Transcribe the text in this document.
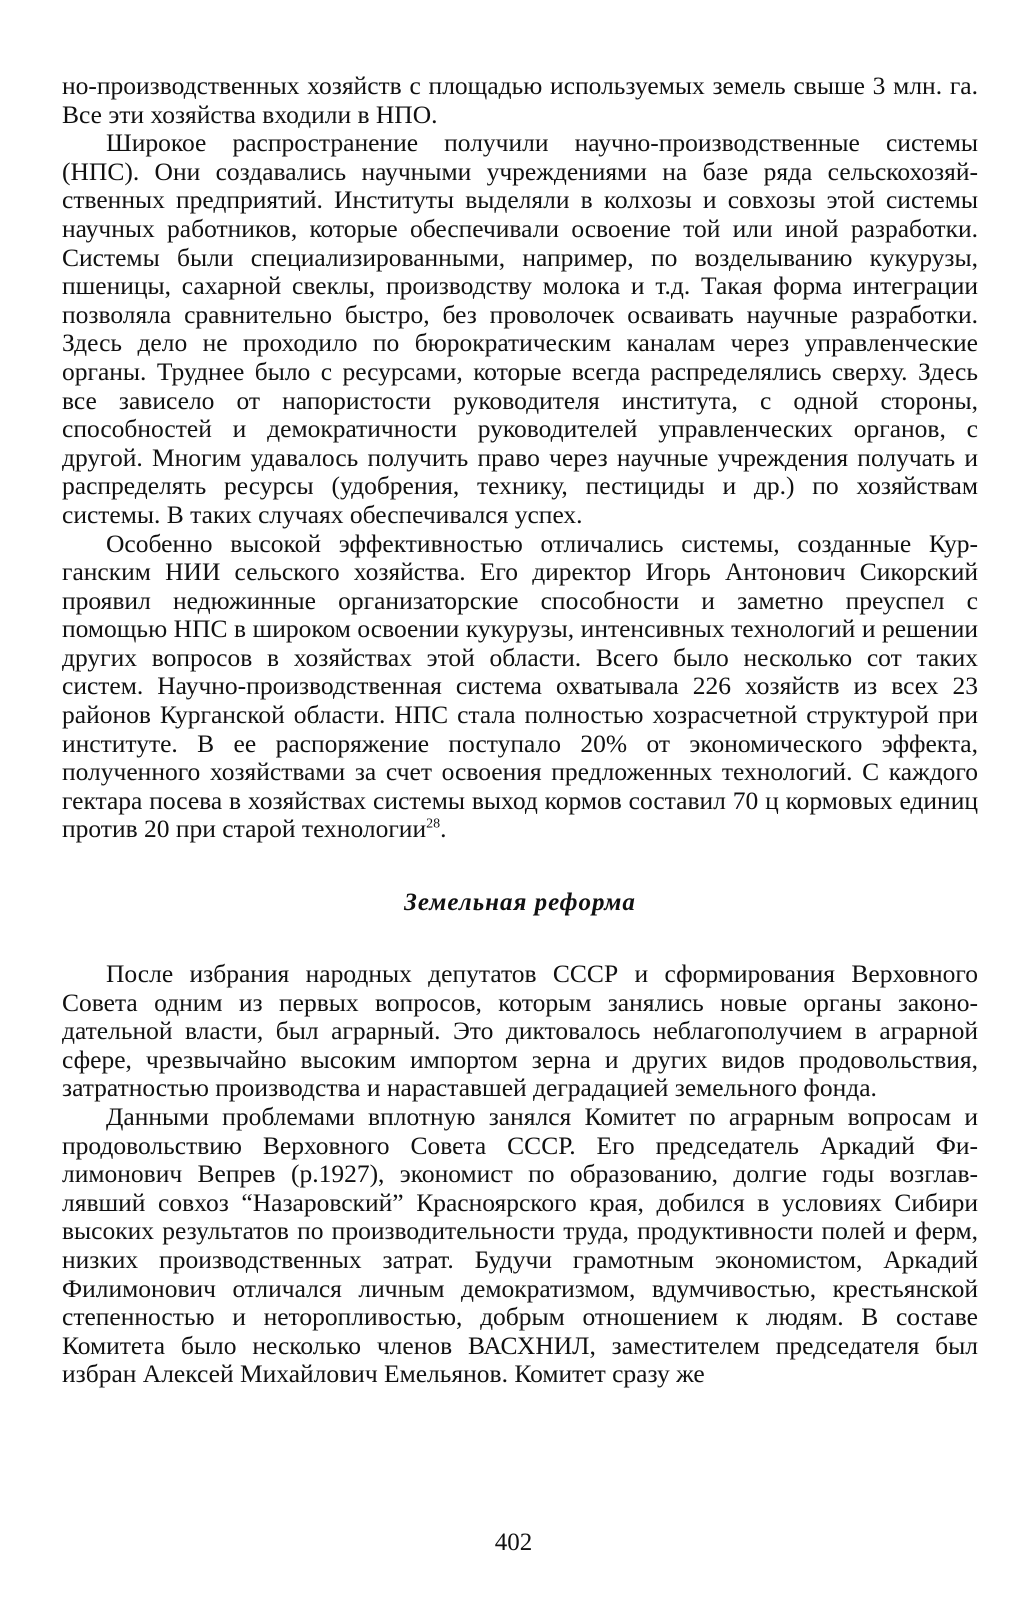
но-производственных хозяйств с площадью используемых земель свыше 3 млн. га. Все эти хозяйства входили в НПО.

Широкое распространение получили научно-производственные системы (НПС). Они создавались научными учреждениями на базе ряда сельскохозяйственных предприятий. Институты выделяли в колхозы и совхозы этой системы научных работников, которые обеспечивали освоение той или иной разработки. Системы были специализированными, например, по возделыванию кукурузы, пшеницы, сахарной свеклы, производству молока и т.д. Такая форма интеграции позволяла сравнительно быстро, без проволочек осваивать научные разработки. Здесь дело не проходило по бюрократическим каналам через управленческие органы. Труднее было с ресурсами, которые всегда распределялись сверху. Здесь все зависело от напористости руководителя института, с одной стороны, способностей и демократичности руководителей управленческих органов, с другой. Многим удавалось получить право через научные учреждения получать и распределять ресурсы (удобрения, технику, пестициды и др.) по хозяйствам системы. В таких случаях обеспечивался успех.

Особенно высокой эффективностью отличались системы, созданные Курганским НИИ сельского хозяйства. Его директор Игорь Антонович Сикорский проявил недюжинные организаторские способности и заметно преуспел с помощью НПС в широком освоении кукурузы, интенсивных технологий и решении других вопросов в хозяйствах этой области. Всего было несколько сот таких систем. Научно-производственная система охватывала 226 хозяйств из всех 23 районов Курганской области. НПС стала полностью хозрасчетной структурой при институте. В ее распоряжение поступало 20% от экономического эффекта, полученного хозяйствами за счет освоения предложенных технологий. С каждого гектара посева в хозяйствах системы выход кормов составил 70 ц кормовых единиц против 20 при старой технологии$^{28}$.

Земельная реформа

После избрания народных депутатов СССР и сформирования Верховного Совета одним из первых вопросов, которым занялись новые органы законодательной власти, был аграрный. Это диктовалось неблагополучием в аграрной сфере, чрезвычайно высоким импортом зерна и других видов продовольствия, затратностью производства и нараставшей деградацией земельного фонда.

Данными проблемами вплотную занялся Комитет по аграрным вопросам и продовольствию Верховного Совета СССР. Его председатель Аркадий Филимонович Вепрев (р.1927), экономист по образованию, долгие годы возглавлявший совхоз “Назаровский” Красноярского края, добился в условиях Сибири высоких результатов по производительности труда, продуктивности полей и ферм, низких производственных затрат. Будучи грамотным экономистом, Аркадий Филимонович отличался личным демократизмом, вдумчивостью, крестьянской степенностью и неторопливостью, добрым отношением к людям. В составе Комитета было несколько членов ВАСХНИЛ, заместителем председателя был избран Алексей Михайлович Емельянов. Комитет сразу же

402
